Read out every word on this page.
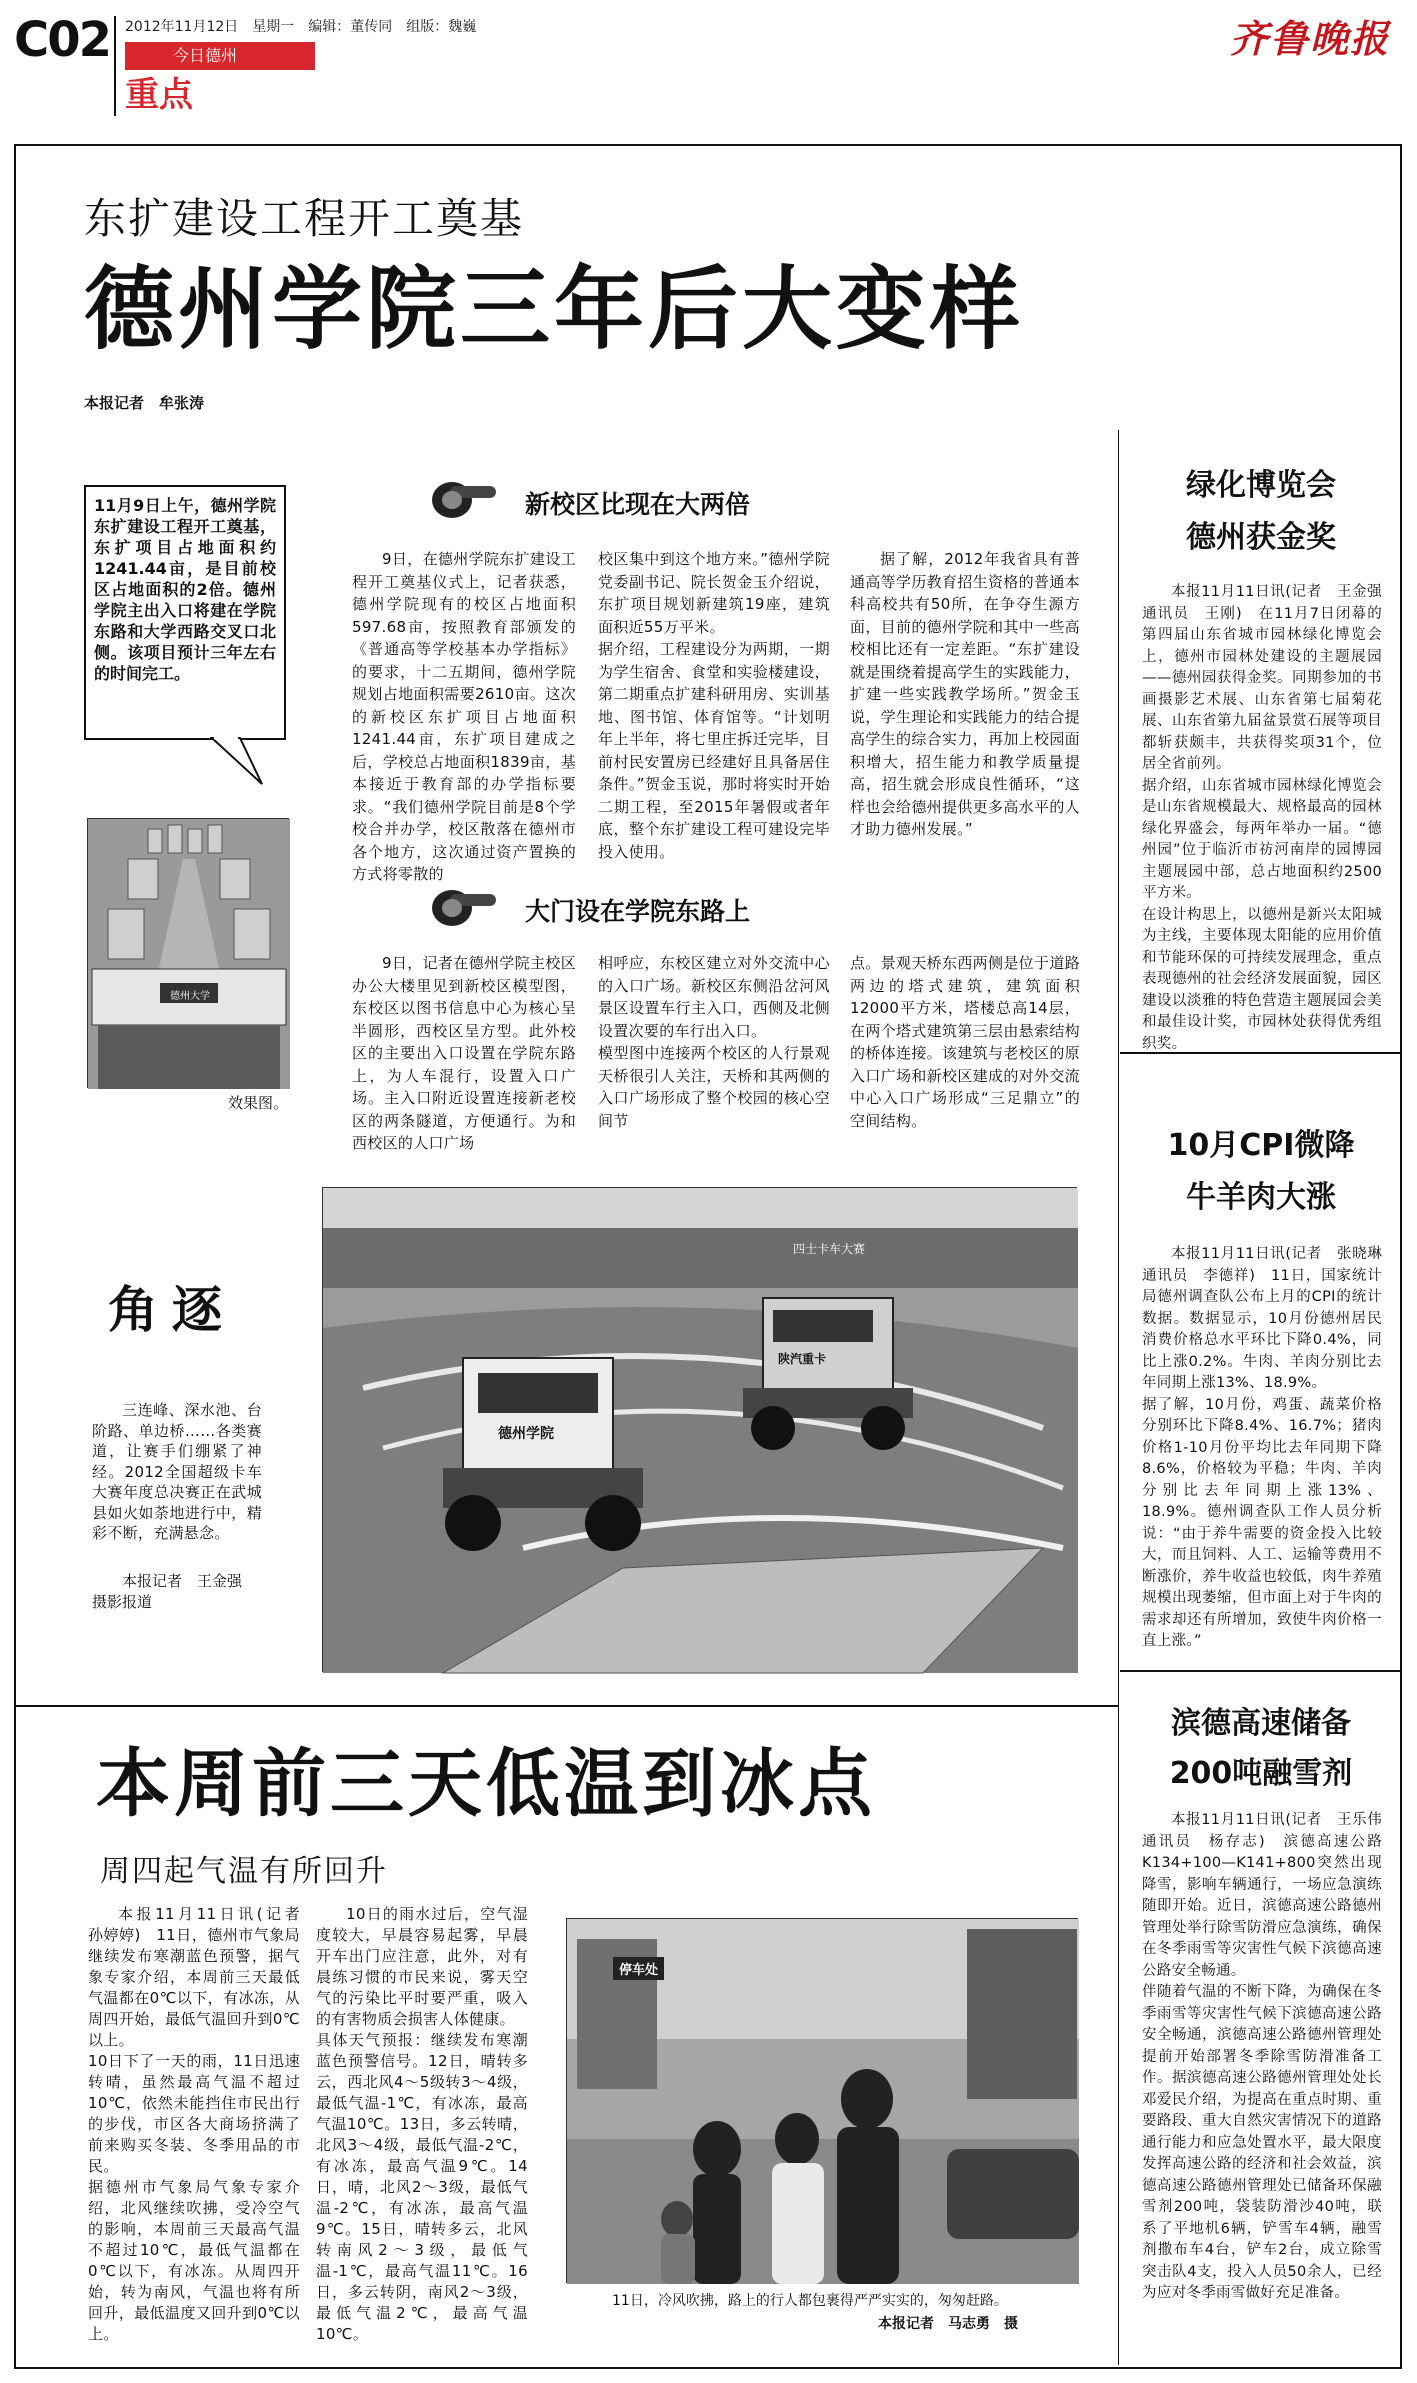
C02 2012年11月12日　星期一　编辑：董传同　组版：魏巍
今日德州
重点
齐鲁晚报
东扩建设工程开工奠基
德州学院三年后大变样
本报记者　牟张涛
11月9日上午，德州学院东扩建设工程开工奠基，东扩项目占地面积约1241.44亩，是目前校区占地面积的2倍。德州学院主出入口将建在学院东路和大学西路交叉口北侧。该项目预计三年左右的时间完工。
德州大学
效果图。
新校区比现在大两倍
9日，在德州学院东扩建设工程开工奠基仪式上，记者获悉，德州学院现有的校区占地面积597.68亩，按照教育部颁发的《普通高等学校基本办学指标》的要求，十二五期间，德州学院规划占地面积需要2610亩。这次的新校区东扩项目占地面积1241.44亩，东扩项目建成之后，学校总占地面积1839亩，基本接近于教育部的办学指标要求。“我们德州学院目前是8个学校合并办学，校区散落在德州市各个地方，这次通过资产置换的方式将零散的
校区集中到这个地方来。”德州学院党委副书记、院长贺金玉介绍说，东扩项目规划新建筑19座，建筑面积近55万平米。
据介绍，工程建设分为两期，一期为学生宿舍、食堂和实验楼建设，第二期重点扩建科研用房、实训基地、图书馆、体育馆等。“计划明年上半年，将七里庄拆迁完毕，目前村民安置房已经建好且具备居住条件。”贺金玉说，那时将实时开始二期工程，至2015年暑假或者年底，整个东扩建设工程可建设完毕投入使用。
据了解，2012年我省具有普通高等学历教育招生资格的普通本科高校共有50所，在争夺生源方面，目前的德州学院和其中一些高校相比还有一定差距。“东扩建设就是围绕着提高学生的实践能力，扩建一些实践教学场所。”贺金玉说，学生理论和实践能力的结合提高学生的综合实力，再加上校园面积增大，招生能力和教学质量提高，招生就会形成良性循环，“这样也会给德州提供更多高水平的人才助力德州发展。”
大门设在学院东路上
9日，记者在德州学院主校区办公大楼里见到新校区模型图，东校区以图书信息中心为核心呈半圆形，西校区呈方型。此外校区的主要出入口设置在学院东路上，为人车混行，设置入口广场。主入口附近设置连接新老校区的两条隧道，方便通行。为和西校区的人口广场
相呼应，东校区建立对外交流中心的入口广场。新校区东侧沿岔河风景区设置车行主入口，西侧及北侧设置次要的车行出入口。
模型图中连接两个校区的人行景观天桥很引人关注，天桥和其两侧的入口广场形成了整个校园的核心空间节
点。景观天桥东西两侧是位于道路两边的塔式建筑，建筑面积12000平方米，塔楼总高14层，在两个塔式建筑第三层由悬索结构的桥体连接。该建筑与老校区的原入口广场和新校区建成的对外交流中心入口广场形成“三足鼎立”的空间结构。
角逐
三连峰、深水池、台阶路、单边桥……各类赛道，让赛手们绷紧了神经。2012全国超级卡车大赛年度总决赛正在武城县如火如荼地进行中，精彩不断，充满悬念。
本报记者　王金强　摄影报道
四士卡车大赛
德州学院
陕汽重卡
本周前三天低温到冰点
周四起气温有所回升
本报11月11日讯(记者　孙婷婷)　11日，德州市气象局继续发布寒潮蓝色预警，据气象专家介绍，本周前三天最低气温都在0℃以下，有冰冻，从周四开始，最低气温回升到0℃以上。
10日下了一天的雨，11日迅速转晴，虽然最高气温不超过10℃，依然未能挡住市民出行的步伐，市区各大商场挤满了前来购买冬装、冬季用品的市民。
据德州市气象局气象专家介绍，北风继续吹拂，受冷空气的影响，本周前三天最高气温不超过10℃，最低气温都在0℃以下，有冰冻。从周四开始，转为南风，气温也将有所回升，最低温度又回升到0℃以上。
10日的雨水过后，空气湿度较大，早晨容易起雾，早晨开车出门应注意，此外，对有晨练习惯的市民来说，雾天空气的污染比平时要严重，吸入的有害物质会损害人体健康。
具体天气预报：继续发布寒潮蓝色预警信号。12日，晴转多云，西北风4～5级转3～4级，最低气温-1℃，有冰冻，最高气温10℃。13日，多云转晴，北风3～4级，最低气温-2℃，有冰冻，最高气温9℃。14日，晴，北风2～3级，最低气温-2℃，有冰冻，最高气温9℃。15日，晴转多云，北风转南风2～3级，最低气温-1℃，最高气温11℃。16日，多云转阴，南风2～3级，最低气温2℃，最高气温10℃。
停车处
11日，冷风吹拂，路上的行人都包裹得严严实实的，匆匆赶路。
本报记者　马志勇　摄
绿化博览会
德州获金奖
本报11月11日讯(记者　王金强　通讯员　王刚)　在11月7日闭幕的第四届山东省城市园林绿化博览会上，德州市园林处建设的主题展园——德州园获得金奖。同期参加的书画摄影艺术展、山东省第七届菊花展、山东省第九届盆景赏石展等项目都斩获颇丰，共获得奖项31个，位居全省前列。
据介绍，山东省城市园林绿化博览会是山东省规模最大、规格最高的园林绿化界盛会，每两年举办一届。“德州园”位于临沂市祊河南岸的园博园主题展园中部，总占地面积约2500平方米。
在设计构思上，以德州是新兴太阳城为主线，主要体现太阳能的应用价值和节能环保的可持续发展理念，重点表现德州的社会经济发展面貌，园区建设以淡雅的特色营造主题展园会美和最佳设计奖，市园林处获得优秀组织奖。
10月CPI微降
牛羊肉大涨
本报11月11日讯(记者　张晓琳　通讯员　李德祥)　11日，国家统计局德州调查队公布上月的CPI的统计数据。数据显示，10月份德州居民消费价格总水平环比下降0.4%，同比上涨0.2%。牛肉、羊肉分别比去年同期上涨13%、18.9%。
据了解，10月份，鸡蛋、蔬菜价格分别环比下降8.4%、16.7%；猪肉价格1-10月份平均比去年同期下降8.6%，价格较为平稳；牛肉、羊肉分别比去年同期上涨13%、18.9%。德州调查队工作人员分析说：“由于养牛需要的资金投入比较大，而且饲料、人工、运输等费用不断涨价，养牛收益也较低，肉牛养殖规模出现萎缩，但市面上对于牛肉的需求却还有所增加，致使牛肉价格一直上涨。”
滨德高速储备
200吨融雪剂
本报11月11日讯(记者　王乐伟　通讯员　杨存志)　滨德高速公路K134+100—K141+800突然出现降雪，影响车辆通行，一场应急演练随即开始。近日，滨德高速公路德州管理处举行除雪防滑应急演练，确保在冬季雨雪等灾害性气候下滨德高速公路安全畅通。
伴随着气温的不断下降，为确保在冬季雨雪等灾害性气候下滨德高速公路安全畅通，滨德高速公路德州管理处提前开始部署冬季除雪防滑准备工作。据滨德高速公路德州管理处处长邓爱民介绍，为提高在重点时期、重要路段、重大自然灾害情况下的道路通行能力和应急处置水平，最大限度发挥高速公路的经济和社会效益，滨德高速公路德州管理处已储备环保融雪剂200吨，袋装防滑沙40吨，联系了平地机6辆，铲雪车4辆，融雪剂撒布车4台，铲车2台，成立除雪突击队4支，投入人员50余人，已经为应对冬季雨雪做好充足准备。
